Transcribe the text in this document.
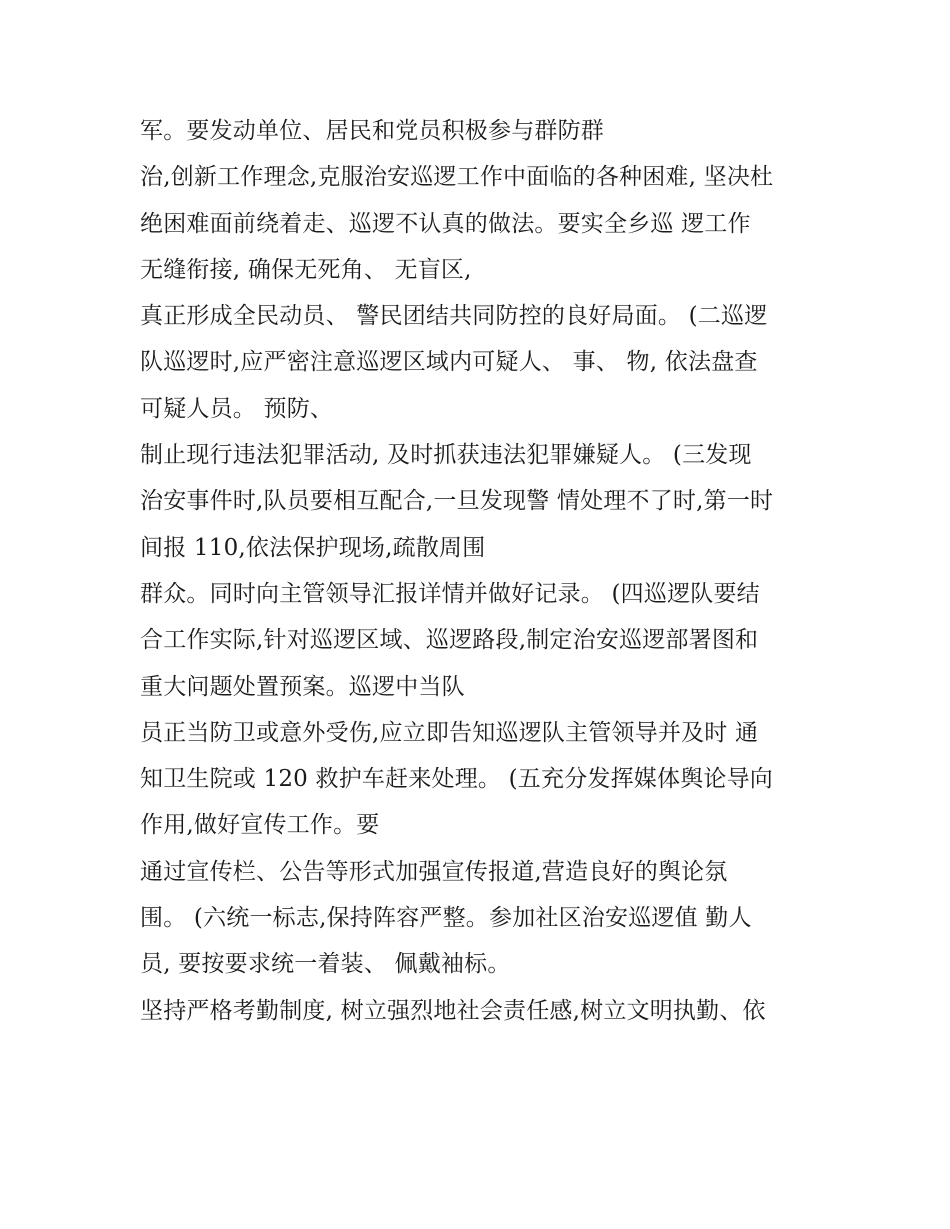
军。要发动单位、居民和党员积极参与群防群
治,创新工作理念,克服治安巡逻工作中面临的各种困难, 坚决杜
绝困难面前绕着走、巡逻不认真的做法。要实全乡巡 逻工作
无缝衔接, 确保无死角、 无盲区,
真正形成全民动员、 警民团结共同防控的良好局面。 (二巡逻
队巡逻时,应严密注意巡逻区域内可疑人、 事、 物, 依法盘查
可疑人员。 预防、
制止现行违法犯罪活动, 及时抓获违法犯罪嫌疑人。 (三发现
治安事件时,队员要相互配合,一旦发现警 情处理不了时,第一时
间报 110,依法保护现场,疏散周围
群众。同时向主管领导汇报详情并做好记录。 (四巡逻队要结
合工作实际,针对巡逻区域、巡逻路段,制定治安巡逻部署图和
重大问题处置预案。巡逻中当队
员正当防卫或意外受伤,应立即告知巡逻队主管领导并及时 通
知卫生院或 120 救护车赶来处理。 (五充分发挥媒体舆论导向
作用,做好宣传工作。要
通过宣传栏、公告等形式加强宣传报道,营造良好的舆论氛
围。 (六统一标志,保持阵容严整。参加社区治安巡逻值 勤人
员, 要按要求统一着装、 佩戴袖标。
坚持严格考勤制度, 树立强烈地社会责任感,树立文明执勤、依
